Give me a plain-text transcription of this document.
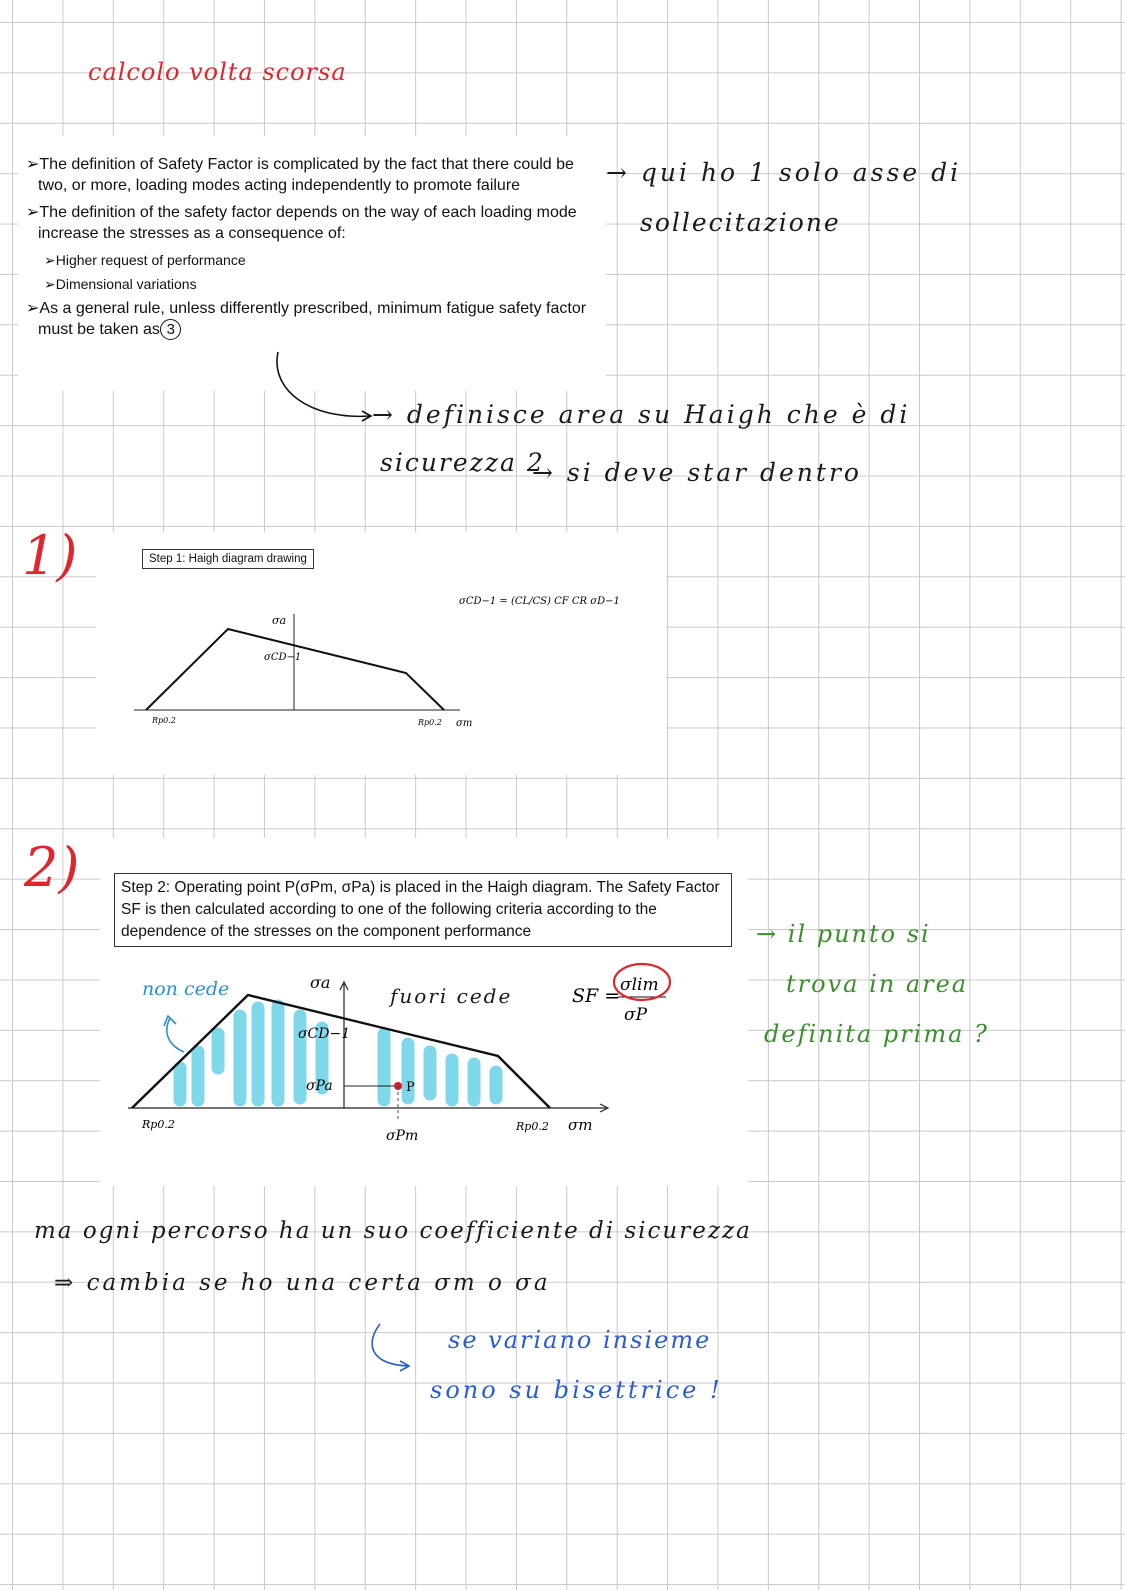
calcolo volta scorsa
➢The definition of Safety Factor is complicated by the fact that there could be two, or more, loading modes acting independently to promote failure
➢The definition of the safety factor depends on the way of each loading mode increase the stresses as a consequence of:
➢Higher request of performance
➢Dimensional variations
➢As a general rule, unless differently prescribed, minimum fatigue safety factor must be taken as 3
→ qui ho 1 solo asse di
sollecitazione
→ definisce area su Haigh che è di
sicurezza 2
→ si deve star dentro
1)	Step 1: Haigh diagram drawing
σa
σCD−1
Rp0.2	Rp0.2 σm
σCD−1 = (CL/CS) CF CR σD−1
2)	Step 2: Operating point P(σPm, σPa) is placed in the Haigh diagram. The Safety Factor SF is then calculated according to one of the following criteria according to the dependence of the stresses on the component performance
σa
σCD−1
σPa	P
σPm
Rp0.2	Rp0.2 σm
SF = σlim
σP
non cede	fuori cede
→ il punto si
trova in area
definita prima ?
ma ogni percorso ha un suo coefficiente di sicurezza
⇒ cambia se ho una certa σm o σa
se variano insieme
sono su bisettrice !
